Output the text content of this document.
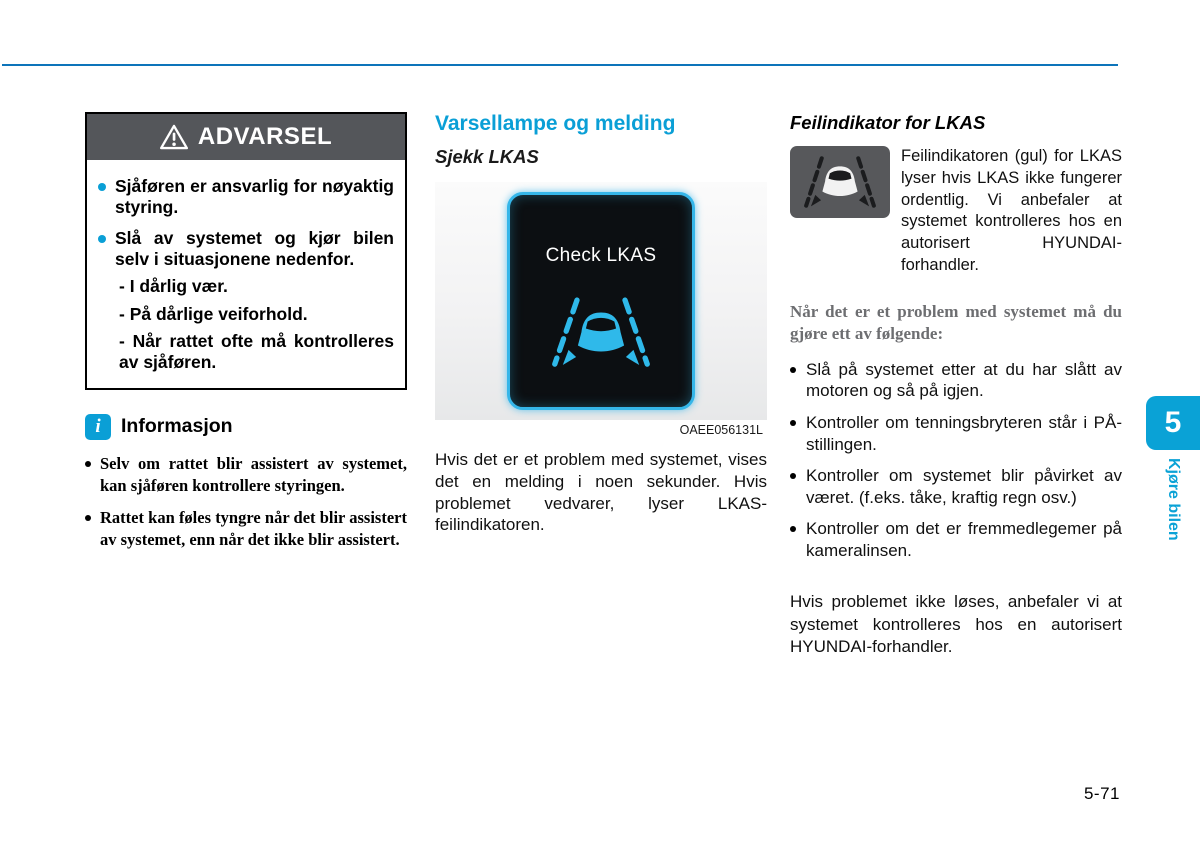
ADVARSEL
Sjåføren er ansvarlig for nøyaktig styring.
Slå av systemet og kjør bilen selv i situasjonene nedenfor.
- I dårlig vær.
- På dårlige veiforhold.
- Når rattet ofte må kontrolleres av sjåføren.
i	Informasjon
Selv om rattet blir assistert av systemet, kan sjåføren kontrollere styringen.
Rattet kan føles tyngre når det blir assistert av systemet, enn når det ikke blir assistert.
Varsellampe og melding
Sjekk LKAS
Check LKAS
OAEE056131L
Hvis det er et problem med systemet, vises det en melding i noen sekunder. Hvis problemet vedvarer, lyser LKAS-feilindikatoren.
Feilindikator for LKAS
Feilindikatoren (gul) for LKAS lyser hvis LKAS ikke fungerer ordentlig. Vi anbefaler at systemet kontrolleres hos en autorisert HYUNDAI-forhandler.
Når det er et problem med systemet må du gjøre ett av følgende:
Slå på systemet etter at du har slått av motoren og så på igjen.
Kontroller om tenningsbryteren står i PÅ-stillingen.
Kontroller om systemet blir påvirket av været. (f.eks. tåke, kraftig regn osv.)
Kontroller om det er fremmedlegemer på kameralinsen.
Hvis problemet ikke løses, anbefaler vi at systemet kontrolleres hos en autorisert HYUNDAI-forhandler.
5
Kjøre bilen
5-71
